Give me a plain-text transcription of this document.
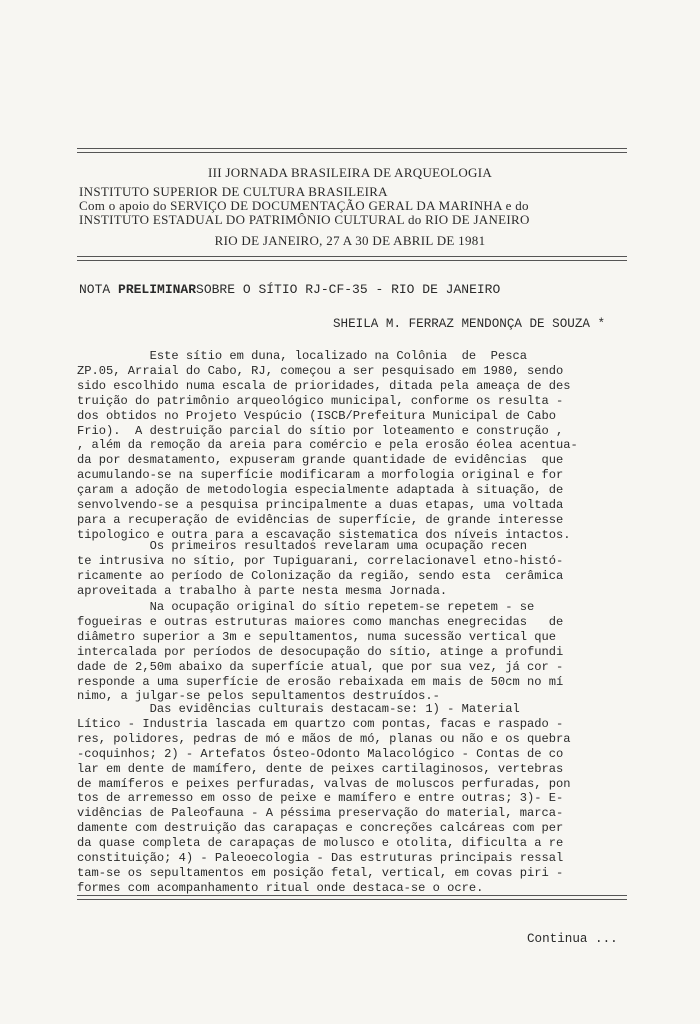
III JORNADA BRASILEIRA DE ARQUEOLOGIA
INSTITUTO SUPERIOR DE CULTURA BRASILEIRA
Com o apoio do SERVIÇO DE DOCUMENTAÇÃO GERAL DA MARINHA e do
INSTITUTO ESTADUAL DO PATRIMÔNIO CULTURAL do RIO DE JANEIRO
RIO DE JANEIRO, 27 A 30 DE ABRIL DE 1981
NOTA PRELIMINARSOBRE O SÍTIO RJ-CF-35 - RIO DE JANEIRO
SHEILA M. FERRAZ MENDONÇA DE SOUZA *
Este sítio em duna, localizado na Colônia  de  Pesca
ZP.05, Arraial do Cabo, RJ, começou a ser pesquisado em 1980, sendo
sido escolhido numa escala de prioridades, ditada pela ameaça de des
truição do patrimônio arqueológico municipal, conforme os resulta -
dos obtidos no Projeto Vespúcio (ISCB/Prefeitura Municipal de Cabo
Frio).  A destruição parcial do sítio por loteamento e construção ,
, além da remoção da areia para comércio e pela erosão éolea acentua-
da por desmatamento, expuseram grande quantidade de evidências  que
acumulando-se na superfície modificaram a morfologia original e for
çaram a adoção de metodologia especialmente adaptada à situação, de
senvolvendo-se a pesquisa principalmente a duas etapas, uma voltada
para a recuperação de evidências de superfície, de grande interesse
tipologico e outra para a escavação sistematica dos níveis intactos.
Os primeiros resultados revelaram uma ocupação recen
te intrusiva no sítio, por Tupiguarani, correlacionavel etno-histó-
ricamente ao período de Colonização da região, sendo esta  cerâmica
aproveitada a trabalho à parte nesta mesma Jornada.
Na ocupação original do sítio repetem-se repetem - se
fogueiras e outras estruturas maiores como manchas enegrecidas   de
diâmetro superior a 3m e sepultamentos, numa sucessão vertical que
intercalada por períodos de desocupação do sítio, atinge a profundi
dade de 2,50m abaixo da superfície atual, que por sua vez, já cor -
responde a uma superfície de erosão rebaixada em mais de 50cm no mí
nimo, a julgar-se pelos sepultamentos destruídos.-
Das evidências culturais destacam-se: 1) - Material
Lítico - Industria lascada em quartzo com pontas, facas e raspado -
res, polidores, pedras de mó e mãos de mó, planas ou não e os quebra
-coquinhos; 2) - Artefatos Ósteo-Odonto Malacológico - Contas de co
lar em dente de mamífero, dente de peixes cartilaginosos, vertebras
de mamíferos e peixes perfuradas, valvas de moluscos perfuradas, pon
tos de arremesso em osso de peixe e mamífero e entre outras; 3)- E-
vidências de Paleofauna - A péssima preservação do material, marca-
damente com destruição das carapaças e concreções calcáreas com per
da quase completa de carapaças de molusco e otolita, dificulta a re
constituição; 4) - Paleoecologia - Das estruturas principais ressal
tam-se os sepultamentos em posição fetal, vertical, em covas piri -
formes com acompanhamento ritual onde destaca-se o ocre.
Continua ...
